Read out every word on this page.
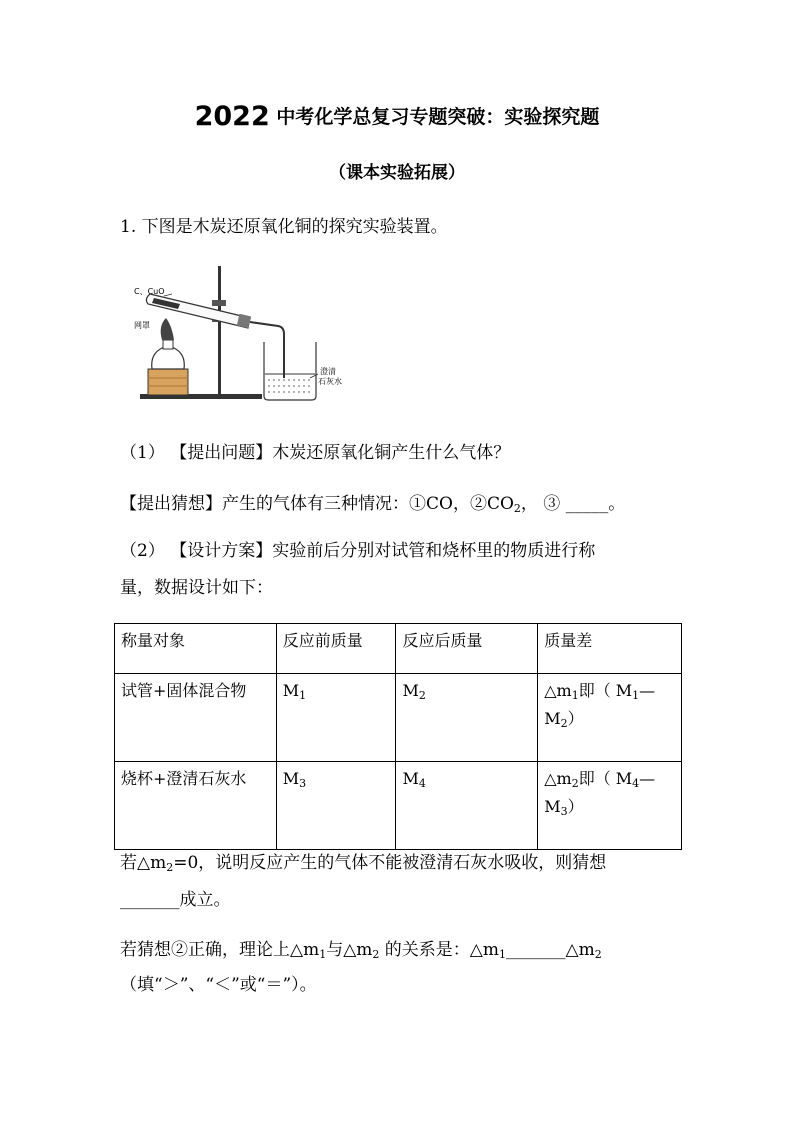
2022 中考化学总复习专题突破：实验探究题
（课本实验拓展）
1. 下图是木炭还原氧化铜的探究实验装置。
C、CuO
网罩
澄清
石灰水
（1） 【提出问题】木炭还原氧化铜产生什么气体？
【提出猜想】产生的气体有三种情况：①CO，$②CO_2$， ③ _____。
（2） 【设计方案】实验前后分别对试管和烧杯里的物质进行称
量，数据设计如下：
称量对象	反应前质量	反应后质量	质量差
试管+固体混合物	$M_1$	$M_2$	$\triangle m_1$即（ $M_1—$
$M_2$）
烧杯+澄清石灰水	$M_3$	$M_4$	$\triangle m_2$即（ $M_4—$
$M_3$）
若$\triangle m_2=0$，说明反应产生的气体不能被澄清石灰水吸收，则猜想
_______成立。
若猜想②正确，理论上$\triangle m_1$与$\triangle m_2$ 的关系是：$\triangle m_1\_\_\_\_\_\_\_\triangle m_2$
（填“＞”、“＜”或“＝”）。
